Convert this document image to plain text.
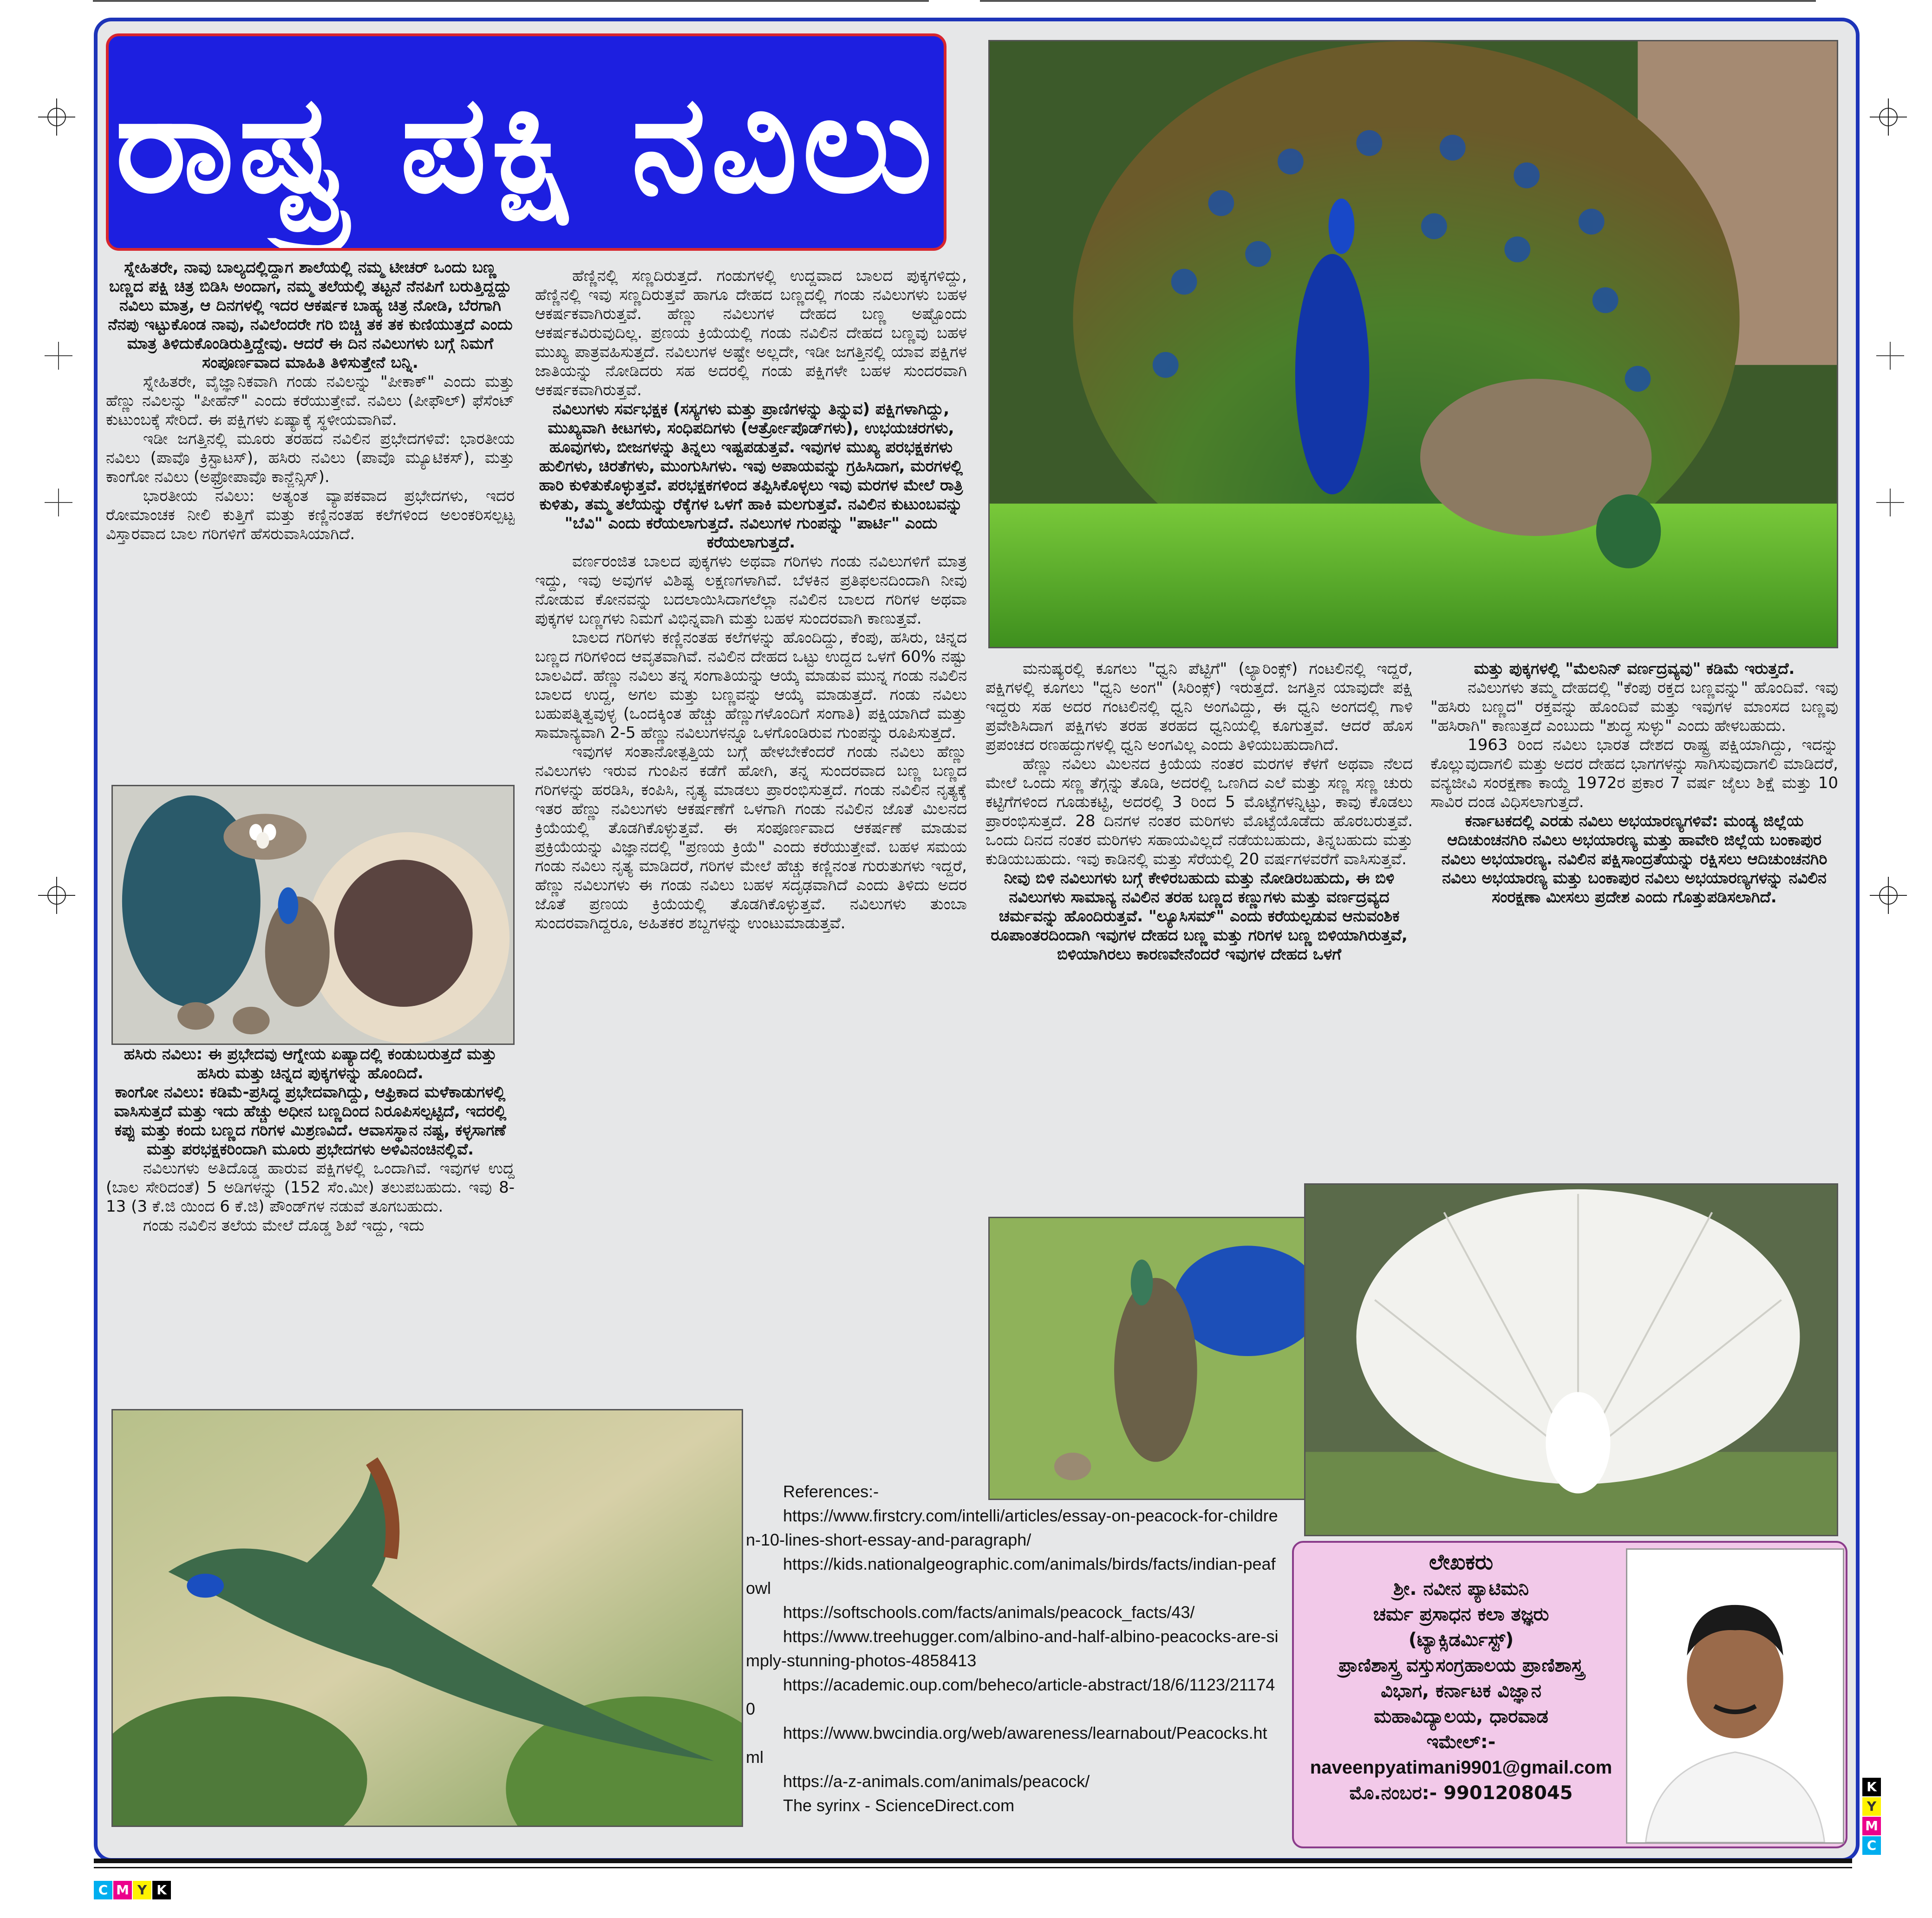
ರಾಷ್ಟ್ರ ಪಕ್ಷಿ ನವಿಲು

ಸ್ನೇಹಿತರೇ, ನಾವು ಬಾಲ್ಯದಲ್ಲಿದ್ದಾಗ ಶಾಲೆಯಲ್ಲಿ ನಮ್ಮ ಟೀಚರ್ ಒಂದು ಬಣ್ಣ ಬಣ್ಣದ ಪಕ್ಷಿ ಚಿತ್ರ ಬಿಡಿಸಿ ಅಂದಾಗ, ನಮ್ಮ ತಲೆಯಲ್ಲಿ ತಟ್ಟನೆ ನೆನಪಿಗೆ ಬರುತ್ತಿದ್ದದ್ದು ನವಿಲು ಮಾತ್ರ, ಆ ದಿನಗಳಲ್ಲಿ ಇದರ ಆಕರ್ಷಕ ಬಾಹ್ಯ ಚಿತ್ರ ನೋಡಿ, ಬೆರಗಾಗಿ ನೆನಪು ಇಟ್ಟುಕೊಂಡ ನಾವು, ನವಿಲೆಂದರೇ ಗರಿ ಬಿಚ್ಚಿ ತಕ ತಕ ಕುಣಿಯುತ್ತದೆ ಎಂದು ಮಾತ್ರ ತಿಳಿದುಕೊಂಡಿರುತ್ತಿದ್ದೇವು. ಆದರೆ ಈ ದಿನ ನವಿಲುಗಳು ಬಗ್ಗೆ ನಿಮಗೆ ಸಂಪೂರ್ಣವಾದ ಮಾಹಿತಿ ತಿಳಿಸುತ್ತೇನೆ ಬನ್ನಿ.

ಸ್ನೇಹಿತರೇ, ವೈಜ್ಞಾನಿಕವಾಗಿ ಗಂಡು ನವಿಲನ್ನು "ಪೀಕಾಕ್" ಎಂದು ಮತ್ತು ಹೆಣ್ಣು ನವಿಲನ್ನು "ಪೀಹೆನ್" ಎಂದು ಕರೆಯುತ್ತೇವೆ. ನವಿಲು (ಪೀಫೌಲ್) ಫೆಸೆಂಟ್ ಕುಟುಂಬಕ್ಕೆ ಸೇರಿದೆ. ಈ ಪಕ್ಷಿಗಳು ಏಷ್ಯಾಕ್ಕೆ ಸ್ಥಳೀಯವಾಗಿವೆ.

ಇಡೀ ಜಗತ್ತಿನಲ್ಲಿ ಮೂರು ತರಹದ ನವಿಲಿನ ಪ್ರಭೇದಗಳಿವೆ: ಭಾರತೀಯ ನವಿಲು (ಪಾವೊ ಕ್ರಿಸ್ಟಾಟಸ್), ಹಸಿರು ನವಿಲು (ಪಾವೊ ಮ್ಯೂಟಿಕಸ್), ಮತ್ತು ಕಾಂಗೋ ನವಿಲು (ಅಫ್ರೋಪಾವೊ ಕಾನ್ಜೆನ್ಸಿಸ್).

ಭಾರತೀಯ ನವಿಲು: ಅತ್ಯಂತ ವ್ಯಾಪಕವಾದ ಪ್ರಭೇದಗಳು, ಇದರ ರೋಮಾಂಚಕ ನೀಲಿ ಕುತ್ತಿಗೆ ಮತ್ತು ಕಣ್ಣಿನಂತಹ ಕಲೆಗಳಿಂದ ಅಲಂಕರಿಸಲ್ಪಟ್ಟ ವಿಸ್ತಾರವಾದ ಬಾಲ ಗರಿಗಳಿಗೆ ಹೆಸರುವಾಸಿಯಾಗಿದೆ.

ಹಸಿರು ನವಿಲು: ಈ ಪ್ರಭೇದವು ಆಗ್ನೇಯ ಏಷ್ಯಾದಲ್ಲಿ ಕಂಡುಬರುತ್ತದೆ ಮತ್ತು ಹಸಿರು ಮತ್ತು ಚಿನ್ನದ ಪುಕ್ಕಗಳನ್ನು ಹೊಂದಿದೆ.

ಕಾಂಗೋ ನವಿಲು: ಕಡಿಮೆ-ಪ್ರಸಿದ್ಧ ಪ್ರಭೇದವಾಗಿದ್ದು, ಆಫ್ರಿಕಾದ ಮಳೆಕಾಡುಗಳಲ್ಲಿ ವಾಸಿಸುತ್ತದೆ ಮತ್ತು ಇದು ಹೆಚ್ಚು ಅಧೀನ ಬಣ್ಣದಿಂದ ನಿರೂಪಿಸಲ್ಪಟ್ಟಿದೆ, ಇದರಲ್ಲಿ ಕಪ್ಪು ಮತ್ತು ಕಂದು ಬಣ್ಣದ ಗರಿಗಳ ಮಿಶ್ರಣವಿದೆ. ಆವಾಸಸ್ಥಾನ ನಷ್ಟ, ಕಳ್ಳಸಾಗಣೆ ಮತ್ತು ಪರಭಕ್ಷಕರಿಂದಾಗಿ ಮೂರು ಪ್ರಭೇದಗಳು ಅಳಿವಿನಂಚಿನಲ್ಲಿವೆ.

ನವಿಲುಗಳು ಅತಿದೊಡ್ಡ ಹಾರುವ ಪಕ್ಷಿಗಳಲ್ಲಿ ಒಂದಾಗಿವೆ. ಇವುಗಳ ಉದ್ದ (ಬಾಲ ಸೇರಿದಂತೆ) 5 ಅಡಿಗಳನ್ನು (152 ಸೆಂ.ಮೀ) ತಲುಪಬಹುದು. ಇವು 8-13 (3 ಕೆ.ಜಿ ಯಿಂದ 6 ಕೆ.ಜಿ) ಪೌಂಡ್‌ಗಳ ನಡುವೆ ತೂಗಬಹುದು.

ಗಂಡು ನವಿಲಿನ ತಲೆಯ ಮೇಲೆ ದೊಡ್ಡ ಶಿಖೆ ಇದ್ದು, ಇದು

ಹೆಣ್ಣಿನಲ್ಲಿ ಸಣ್ಣದಿರುತ್ತದೆ. ಗಂಡುಗಳಲ್ಲಿ ಉದ್ದವಾದ ಬಾಲದ ಪುಕ್ಕಗಳಿದ್ದು, ಹೆಣ್ಣಿನಲ್ಲಿ ಇವು ಸಣ್ಣದಿರುತ್ತವೆ ಹಾಗೂ ದೇಹದ ಬಣ್ಣದಲ್ಲಿ ಗಂಡು ನವಿಲುಗಳು ಬಹಳ ಆಕರ್ಷಕವಾಗಿರುತ್ತವೆ. ಹೆಣ್ಣು ನವಿಲುಗಳ ದೇಹದ ಬಣ್ಣ ಅಷ್ಟೊಂದು ಆಕರ್ಷಕವಿರುವುದಿಲ್ಲ. ಪ್ರಣಯ ಕ್ರಿಯೆಯಲ್ಲಿ ಗಂಡು ನವಿಲಿನ ದೇಹದ ಬಣ್ಣವು ಬಹಳ ಮುಖ್ಯ ಪಾತ್ರವಹಿಸುತ್ತದೆ. ನವಿಲುಗಳ ಅಷ್ಟೇ ಅಲ್ಲದೇ, ಇಡೀ ಜಗತ್ತಿನಲ್ಲಿ ಯಾವ ಪಕ್ಷಿಗಳ ಜಾತಿಯನ್ನು ನೋಡಿದರು ಸಹ ಅದರಲ್ಲಿ ಗಂಡು ಪಕ್ಷಿಗಳೇ ಬಹಳ ಸುಂದರವಾಗಿ ಆಕರ್ಷಕವಾಗಿರುತ್ತವೆ.

ನವಿಲುಗಳು ಸರ್ವಭಕ್ಷಕ (ಸಸ್ಯಗಳು ಮತ್ತು ಪ್ರಾಣಿಗಳನ್ನು ತಿನ್ನುವ) ಪಕ್ಷಿಗಳಾಗಿದ್ದು, ಮುಖ್ಯವಾಗಿ ಕೀಟಗಳು, ಸಂಧಿಪದಿಗಳು (ಆರ್ತ್ರೋಪೊಡ್‌ಗಳು), ಉಭಯಚರಗಳು, ಹೂವುಗಳು, ಬೀಜಗಳನ್ನು ತಿನ್ನಲು ಇಷ್ಟಪಡುತ್ತವೆ. ಇವುಗಳ ಮುಖ್ಯ ಪರಭಕ್ಷಕಗಳು ಹುಲಿಗಳು, ಚಿರತೆಗಳು, ಮುಂಗುಸಿಗಳು. ಇವು ಅಪಾಯವನ್ನು ಗ್ರಹಿಸಿದಾಗ, ಮರಗಳಲ್ಲಿ ಹಾರಿ ಕುಳಿತುಕೊಳ್ಳುತ್ತವೆ. ಪರಭಕ್ಷಕಗಳಿಂದ ತಪ್ಪಿಸಿಕೊಳ್ಳಲು ಇವು ಮರಗಳ ಮೇಲೆ ರಾತ್ರಿ ಕುಳಿತು, ತಮ್ಮ ತಲೆಯನ್ನು ರೆಕ್ಕೆಗಳ ಒಳಗೆ ಹಾಕಿ ಮಲಗುತ್ತವೆ. ನವಿಲಿನ ಕುಟುಂಬವನ್ನು "ಬೆವಿ" ಎಂದು ಕರೆಯಲಾಗುತ್ತದೆ. ನವಿಲುಗಳ ಗುಂಪನ್ನು "ಪಾರ್ಟಿ" ಎಂದು ಕರೆಯಲಾಗುತ್ತದೆ.

ವರ್ಣರಂಜಿತ ಬಾಲದ ಪುಕ್ಕಗಳು ಅಥವಾ ಗರಿಗಳು ಗಂಡು ನವಿಲುಗಳಿಗೆ ಮಾತ್ರ ಇದ್ದು, ಇವು ಅವುಗಳ ವಿಶಿಷ್ಟ ಲಕ್ಷಣಗಳಾಗಿವೆ. ಬೆಳಕಿನ ಪ್ರತಿಫಲನದಿಂದಾಗಿ ನೀವು ನೋಡುವ ಕೋನವನ್ನು ಬದಲಾಯಿಸಿದಾಗಲೆಲ್ಲಾ ನವಿಲಿನ ಬಾಲದ ಗರಿಗಳ ಅಥವಾ ಪುಕ್ಕಗಳ ಬಣ್ಣಗಳು ನಿಮಗೆ ವಿಭಿನ್ನವಾಗಿ ಮತ್ತು ಬಹಳ ಸುಂದರವಾಗಿ ಕಾಣುತ್ತವೆ.

ಬಾಲದ ಗರಿಗಳು ಕಣ್ಣಿನಂತಹ ಕಲೆಗಳನ್ನು ಹೊಂದಿದ್ದು, ಕೆಂಪು, ಹಸಿರು, ಚಿನ್ನದ ಬಣ್ಣದ ಗರಿಗಳಿಂದ ಆವೃತವಾಗಿವೆ. ನವಿಲಿನ ದೇಹದ ಒಟ್ಟು ಉದ್ದದ ಒಳಗೆ 60% ನಷ್ಟು ಬಾಲವಿದೆ. ಹೆಣ್ಣು ನವಿಲು ತನ್ನ ಸಂಗಾತಿಯನ್ನು ಆಯ್ಕೆ ಮಾಡುವ ಮುನ್ನ ಗಂಡು ನವಿಲಿನ ಬಾಲದ ಉದ್ದ, ಅಗಲ ಮತ್ತು ಬಣ್ಣವನ್ನು ಆಯ್ಕೆ ಮಾಡುತ್ತದೆ. ಗಂಡು ನವಿಲು ಬಹುಪತ್ನಿತ್ವವುಳ್ಳ (ಒಂದಕ್ಕಿಂತ ಹೆಚ್ಚು ಹೆಣ್ಣುಗಳೊಂದಿಗೆ ಸಂಗಾತಿ) ಪಕ್ಷಿಯಾಗಿದೆ ಮತ್ತು ಸಾಮಾನ್ಯವಾಗಿ 2-5 ಹೆಣ್ಣು ನವಿಲುಗಳನ್ನೂ ಒಳಗೊಂಡಿರುವ ಗುಂಪನ್ನು ರೂಪಿಸುತ್ತದೆ.

ಇವುಗಳ ಸಂತಾನೋತ್ಪತ್ತಿಯ ಬಗ್ಗೆ ಹೇಳಬೇಕೆಂದರೆ ಗಂಡು ನವಿಲು ಹೆಣ್ಣು ನವಿಲುಗಳು ಇರುವ ಗುಂಪಿನ ಕಡೆಗೆ ಹೋಗಿ, ತನ್ನ ಸುಂದರವಾದ ಬಣ್ಣ ಬಣ್ಣದ ಗರಿಗಳನ್ನು ಹರಡಿಸಿ, ಕಂಪಿಸಿ, ನೃತ್ಯ ಮಾಡಲು ಪ್ರಾರಂಭಿಸುತ್ತದೆ. ಗಂಡು ನವಿಲಿನ ನೃತ್ಯಕ್ಕೆ ಇತರ ಹೆಣ್ಣು ನವಿಲುಗಳು ಆಕರ್ಷಣೆಗೆ ಒಳಗಾಗಿ ಗಂಡು ನವಿಲಿನ ಜೊತೆ ಮಿಲನದ ಕ್ರಿಯೆಯಲ್ಲಿ ತೊಡಗಿಕೊಳ್ಳುತ್ತವೆ. ಈ ಸಂಪೂರ್ಣವಾದ ಆಕರ್ಷಣೆ ಮಾಡುವ ಪ್ರಕ್ರಿಯೆಯನ್ನು ವಿಜ್ಞಾನದಲ್ಲಿ "ಪ್ರಣಯ ಕ್ರಿಯೆ" ಎಂದು ಕರೆಯುತ್ತೇವೆ. ಬಹಳ ಸಮಯ ಗಂಡು ನವಿಲು ನೃತ್ಯ ಮಾಡಿದರೆ, ಗರಿಗಳ ಮೇಲೆ ಹೆಚ್ಚು ಕಣ್ಣಿನಂತ ಗುರುತುಗಳು ಇದ್ದರೆ, ಹೆಣ್ಣು ನವಿಲುಗಳು ಈ ಗಂಡು ನವಿಲು ಬಹಳ ಸದೃಢವಾಗಿದೆ ಎಂದು ತಿಳಿದು ಅದರ ಜೊತೆ ಪ್ರಣಯ ಕ್ರಿಯೆಯಲ್ಲಿ ತೊಡಗಿಕೊಳ್ಳುತ್ತವೆ. ನವಿಲುಗಳು ತುಂಬಾ ಸುಂದರವಾಗಿದ್ದರೂ, ಅಹಿತಕರ ಶಬ್ದಗಳನ್ನು ಉಂಟುಮಾಡುತ್ತವೆ.

ಮನುಷ್ಯರಲ್ಲಿ ಕೂಗಲು "ಧ್ವನಿ ಪೆಟ್ಟಿಗೆ" (ಲ್ಯಾರಿಂಕ್ಸ್) ಗಂಟಲಿನಲ್ಲಿ ಇದ್ದರೆ, ಪಕ್ಷಿಗಳಲ್ಲಿ ಕೂಗಲು "ಧ್ವನಿ ಅಂಗ" (ಸಿರಿಂಕ್ಸ್) ಇರುತ್ತದೆ. ಜಗತ್ತಿನ ಯಾವುದೇ ಪಕ್ಷಿ ಇದ್ದರು ಸಹ ಅದರ ಗಂಟಲಿನಲ್ಲಿ ಧ್ವನಿ ಅಂಗವಿದ್ದು, ಈ ಧ್ವನಿ ಅಂಗದಲ್ಲಿ ಗಾಳಿ ಪ್ರವೇಶಿಸಿದಾಗ ಪಕ್ಷಿಗಳು ತರಹ ತರಹದ ಧ್ವನಿಯಲ್ಲಿ ಕೂಗುತ್ತವೆ. ಆದರೆ ಹೊಸ ಪ್ರಪಂಚದ ರಣಹದ್ದುಗಳಲ್ಲಿ ಧ್ವನಿ ಅಂಗವಿಲ್ಲ ಎಂದು ತಿಳಿಯಬಹುದಾಗಿದೆ.

ಹೆಣ್ಣು ನವಿಲು ಮಿಲನದ ಕ್ರಿಯೆಯ ನಂತರ ಮರಗಳ ಕೆಳಗೆ ಅಥವಾ ನೆಲದ ಮೇಲೆ ಒಂದು ಸಣ್ಣ ತೆಗ್ಗನ್ನು ತೊಡಿ, ಅದರಲ್ಲಿ ಒಣಗಿದ ಎಲೆ ಮತ್ತು ಸಣ್ಣ ಸಣ್ಣ ಚುರು ಕಟ್ಟಿಗೆಗಳಿಂದ ಗೂಡುಕಟ್ಟಿ, ಅದರಲ್ಲಿ 3 ರಿಂದ 5 ಮೊಟ್ಟೆಗಳನ್ನಿಟ್ಟು, ಕಾವು ಕೊಡಲು ಪ್ರಾರಂಭಿಸುತ್ತದೆ. 28 ದಿನಗಳ ನಂತರ ಮರಿಗಳು ಮೊಟ್ಟೆಯೊಡೆದು ಹೊರಬರುತ್ತವೆ. ಒಂದು ದಿನದ ನಂತರ ಮರಿಗಳು ಸಹಾಯವಿಲ್ಲದೆ ನಡೆಯಬಹುದು, ತಿನ್ನಬಹುದು ಮತ್ತು ಕುಡಿಯಬಹುದು. ಇವು ಕಾಡಿನಲ್ಲಿ ಮತ್ತು ಸೆರೆಯಲ್ಲಿ 20 ವರ್ಷಗಳವರೆಗೆ ವಾಸಿಸುತ್ತವೆ.

ನೀವು ಬಿಳಿ ನವಿಲುಗಳು ಬಗ್ಗೆ ಕೇಳಿರಬಹುದು ಮತ್ತು ನೋಡಿರಬಹುದು, ಈ ಬಿಳಿ ನವಿಲುಗಳು ಸಾಮಾನ್ಯ ನವಿಲಿನ ತರಹ ಬಣ್ಣದ ಕಣ್ಣುಗಳು ಮತ್ತು ವರ್ಣದ್ರವ್ಯದ ಚರ್ಮವನ್ನು ಹೊಂದಿರುತ್ತವೆ. "ಲ್ಯೂಸಿಸಮ್" ಎಂದು ಕರೆಯಲ್ಪಡುವ ಆನುವಂಶಿಕ ರೂಪಾಂತರದಿಂದಾಗಿ ಇವುಗಳ ದೇಹದ ಬಣ್ಣ ಮತ್ತು ಗರಿಗಳ ಬಣ್ಣ ಬಿಳಿಯಾಗಿರುತ್ತವೆ, ಬಿಳಿಯಾಗಿರಲು ಕಾರಣವೇನೆಂದರೆ ಇವುಗಳ ದೇಹದ ಒಳಗೆ

ಮತ್ತು ಪುಕ್ಕಗಳಲ್ಲಿ "ಮೆಲನಿನ್ ವರ್ಣದ್ರವ್ಯವು" ಕಡಿಮೆ ಇರುತ್ತದೆ.

ನವಿಲುಗಳು ತಮ್ಮ ದೇಹದಲ್ಲಿ "ಕೆಂಪು ರಕ್ತದ ಬಣ್ಣವನ್ನು" ಹೊಂದಿವೆ. ಇವು "ಹಸಿರು ಬಣ್ಣದ" ರಕ್ತವನ್ನು ಹೊಂದಿವೆ ಮತ್ತು ಇವುಗಳ ಮಾಂಸದ ಬಣ್ಣವು "ಹಸಿರಾಗಿ" ಕಾಣುತ್ತದೆ ಎಂಬುದು "ಶುದ್ಧ ಸುಳ್ಳು" ಎಂದು ಹೇಳಬಹುದು.

1963 ರಿಂದ ನವಿಲು ಭಾರತ ದೇಶದ ರಾಷ್ಟ್ರ ಪಕ್ಷಿಯಾಗಿದ್ದು, ಇದನ್ನು ಕೊಲ್ಲುವುದಾಗಲಿ ಮತ್ತು ಅದರ ದೇಹದ ಭಾಗಗಳನ್ನು ಸಾಗಿಸುವುದಾಗಲಿ ಮಾಡಿದರೆ, ವನ್ಯಜೀವಿ ಸಂರಕ್ಷಣಾ ಕಾಯ್ದೆ 1972ರ ಪ್ರಕಾರ 7 ವರ್ಷ ಜೈಲು ಶಿಕ್ಷೆ ಮತ್ತು 10 ಸಾವಿರ ದಂಡ ವಿಧಿಸಲಾಗುತ್ತದೆ.

ಕರ್ನಾಟಕದಲ್ಲಿ ಎರಡು ನವಿಲು ಅಭಯಾರಣ್ಯಗಳಿವೆ: ಮಂಡ್ಯ ಜಿಲ್ಲೆಯ ಆದಿಚುಂಚನಗಿರಿ ನವಿಲು ಅಭಯಾರಣ್ಯ ಮತ್ತು ಹಾವೇರಿ ಜಿಲ್ಲೆಯ ಬಂಕಾಪುರ ನವಿಲು ಅಭಯಾರಣ್ಯ. ನವಿಲಿನ ಪಕ್ಷಿಸಾಂದ್ರತೆಯನ್ನು ರಕ್ಷಿಸಲು ಆದಿಚುಂಚನಗಿರಿ ನವಿಲು ಅಭಯಾರಣ್ಯ ಮತ್ತು ಬಂಕಾಪುರ ನವಿಲು ಅಭಯಾರಣ್ಯಗಳನ್ನು ನವಿಲಿನ ಸಂರಕ್ಷಣಾ ಮೀಸಲು ಪ್ರದೇಶ ಎಂದು ಗೊತ್ತುಪಡಿಸಲಾಗಿದೆ.

References:-
https://www.firstcry.com/intelli/articles/essay-on-peacock-for-children-10-lines-short-essay-and-paragraph/
https://kids.nationalgeographic.com/animals/birds/facts/indian-peafowl
https://softschools.com/facts/animals/peacock_facts/43/
https://www.treehugger.com/albino-and-half-albino-peacocks-are-simply-stunning-photos-4858413
https://academic.oup.com/beheco/article-abstract/18/6/1123/211740
https://www.bwcindia.org/web/awareness/learnabout/Peacocks.html
https://a-z-animals.com/animals/peacock/
The syrinx - ScienceDirect.com
ಲೇಖಕರು
ಶ್ರೀ. ನವೀನ ಪ್ಯಾಟಿಮನಿ
ಚರ್ಮ ಪ್ರಸಾಧನ ಕಲಾ ತಜ್ಞರು
(ಟ್ಯಾಕ್ಸಿಡರ್ಮಿಸ್ಟ್)
ಪ್ರಾಣಿಶಾಸ್ತ್ರ ವಸ್ತುಸಂಗ್ರಹಾಲಯ ಪ್ರಾಣಿಶಾಸ್ತ್ರ
ವಿಭಾಗ, ಕರ್ನಾಟಕ ವಿಜ್ಞಾನ
ಮಹಾವಿದ್ಯಾಲಯ, ಧಾರವಾಡ
ಇಮೇಲ್:-
naveenpyatimani9901@gmail.com
ಮೊ.ನಂಬರ:- 9901208045	K
Y
M
C
C M Y K
